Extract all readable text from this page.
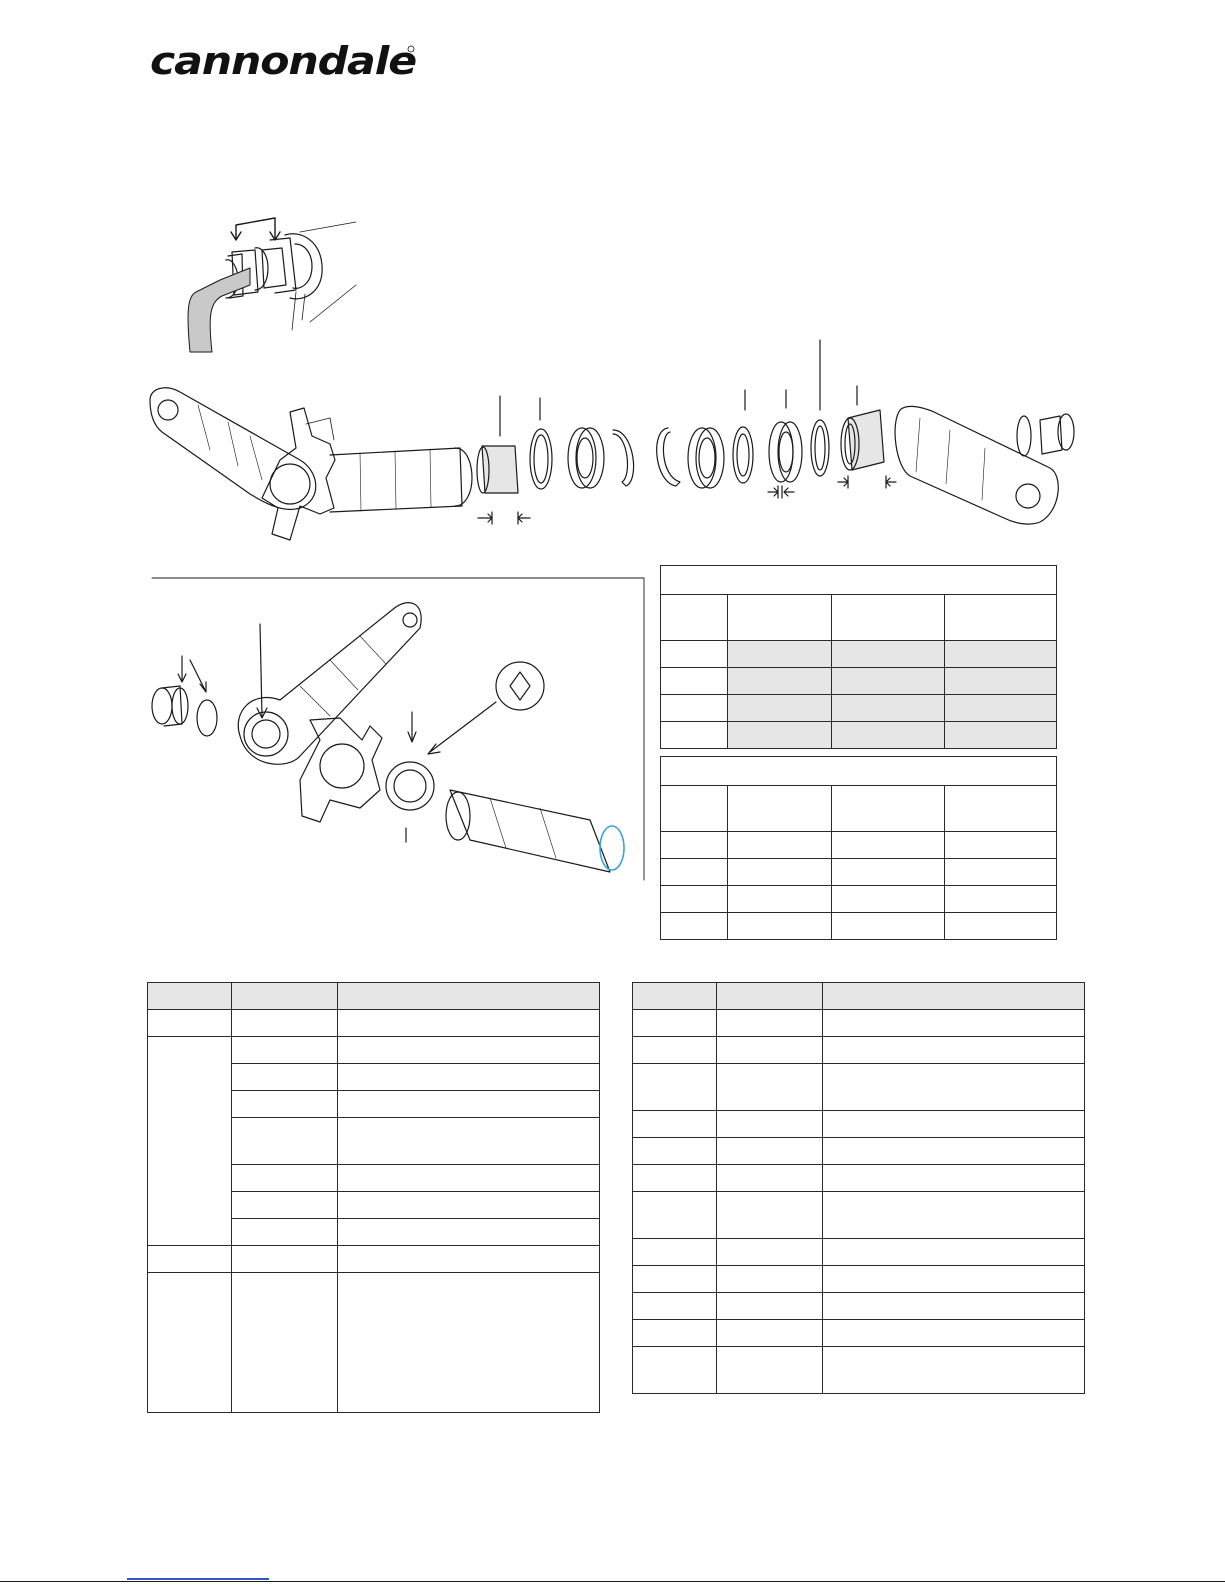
cannondale
